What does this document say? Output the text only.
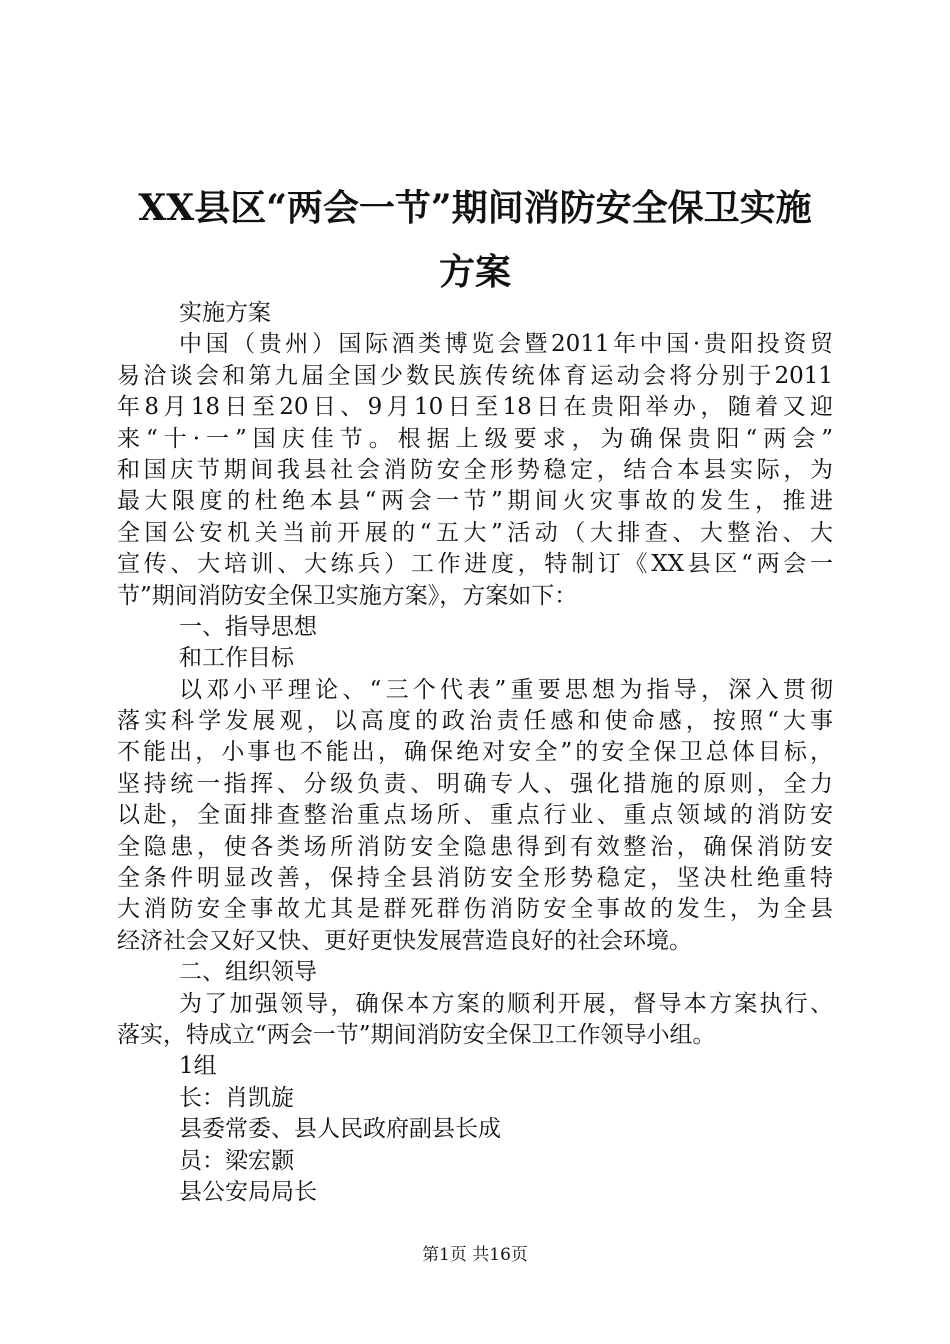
XX县区“两会一节”期间消防安全保卫实施
方案
实施方案
中国（贵州）国际酒类博览会暨2011年中国·贵阳投资贸
易洽谈会和第九届全国少数民族传统体育运动会将分别于2011
年8月18日至20日、9月10日至18日在贵阳举办，随着又迎
来“十·一”国庆佳节。根据上级要求，为确保贵阳“两会”
和国庆节期间我县社会消防安全形势稳定，结合本县实际，为
最大限度的杜绝本县“两会一节”期间火灾事故的发生，推进
全国公安机关当前开展的“五大”活动（大排查、大整治、大
宣传、大培训、大练兵）工作进度，特制订《XX县区“两会一
节”期间消防安全保卫实施方案》，方案如下：
一、指导思想
和工作目标
以邓小平理论、“三个代表”重要思想为指导，深入贯彻
落实科学发展观，以高度的政治责任感和使命感，按照“大事
不能出，小事也不能出，确保绝对安全”的安全保卫总体目标，
坚持统一指挥、分级负责、明确专人、强化措施的原则，全力
以赴，全面排查整治重点场所、重点行业、重点领域的消防安
全隐患，使各类场所消防安全隐患得到有效整治，确保消防安
全条件明显改善，保持全县消防安全形势稳定，坚决杜绝重特
大消防安全事故尤其是群死群伤消防安全事故的发生，为全县
经济社会又好又快、更好更快发展营造良好的社会环境。
二、组织领导
为了加强领导，确保本方案的顺利开展，督导本方案执行、
落实，特成立“两会一节”期间消防安全保卫工作领导小组。
1组
长：肖凯旋
县委常委、县人民政府副县长成
员：梁宏颢
县公安局局长
第1页 共16页
